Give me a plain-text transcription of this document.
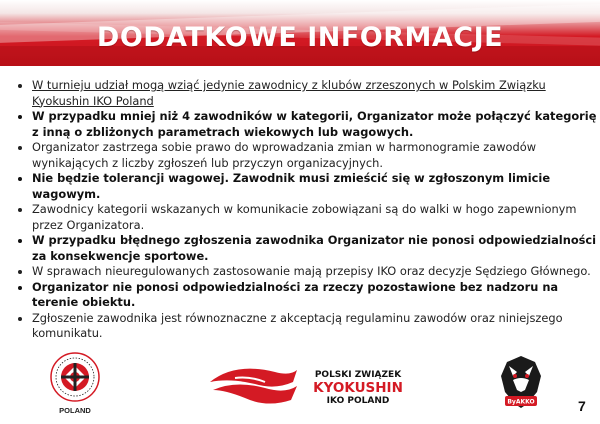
DODATKOWE INFORMACJE
• W turnieju udział mogą wziąć jedynie zawodnicy z klubów zrzeszonych w Polskim Związku Kyokushin IKO Poland
• W przypadku mniej niż 4 zawodników w kategorii, Organizator może połączyć kategorię z inną o zbliżonych parametrach wiekowych lub wagowych.
• Organizator zastrzega sobie prawo do wprowadzania zmian w harmonogramie zawodów wynikających z liczby zgłoszeń lub przyczyn organizacyjnych.
• Nie będzie tolerancji wagowej. Zawodnik musi zmieścić się w zgłoszonym limicie wagowym.
• Zawodnicy kategorii wskazanych w komunikacie zobowiązani są do walki w hogo zapewnionym przez Organizatora.
• W przypadku błędnego zgłoszenia zawodnika Organizator nie ponosi odpowiedzialności za konsekwencje sportowe.
• W sprawach nieuregulowanych zastosowanie mają przepisy IKO oraz decyzje Sędziego Głównego.
• Organizator nie ponosi odpowiedzialności za rzeczy pozostawione bez nadzoru na terenie obiektu.
• Zgłoszenie zawodnika jest równoznaczne z akceptacją regulaminu zawodów oraz niniejszego komunikatu.
POLAND
POLSKI ZWIĄZEK
KYOKUSHIN
IKO POLAND	ByAKKO	7
